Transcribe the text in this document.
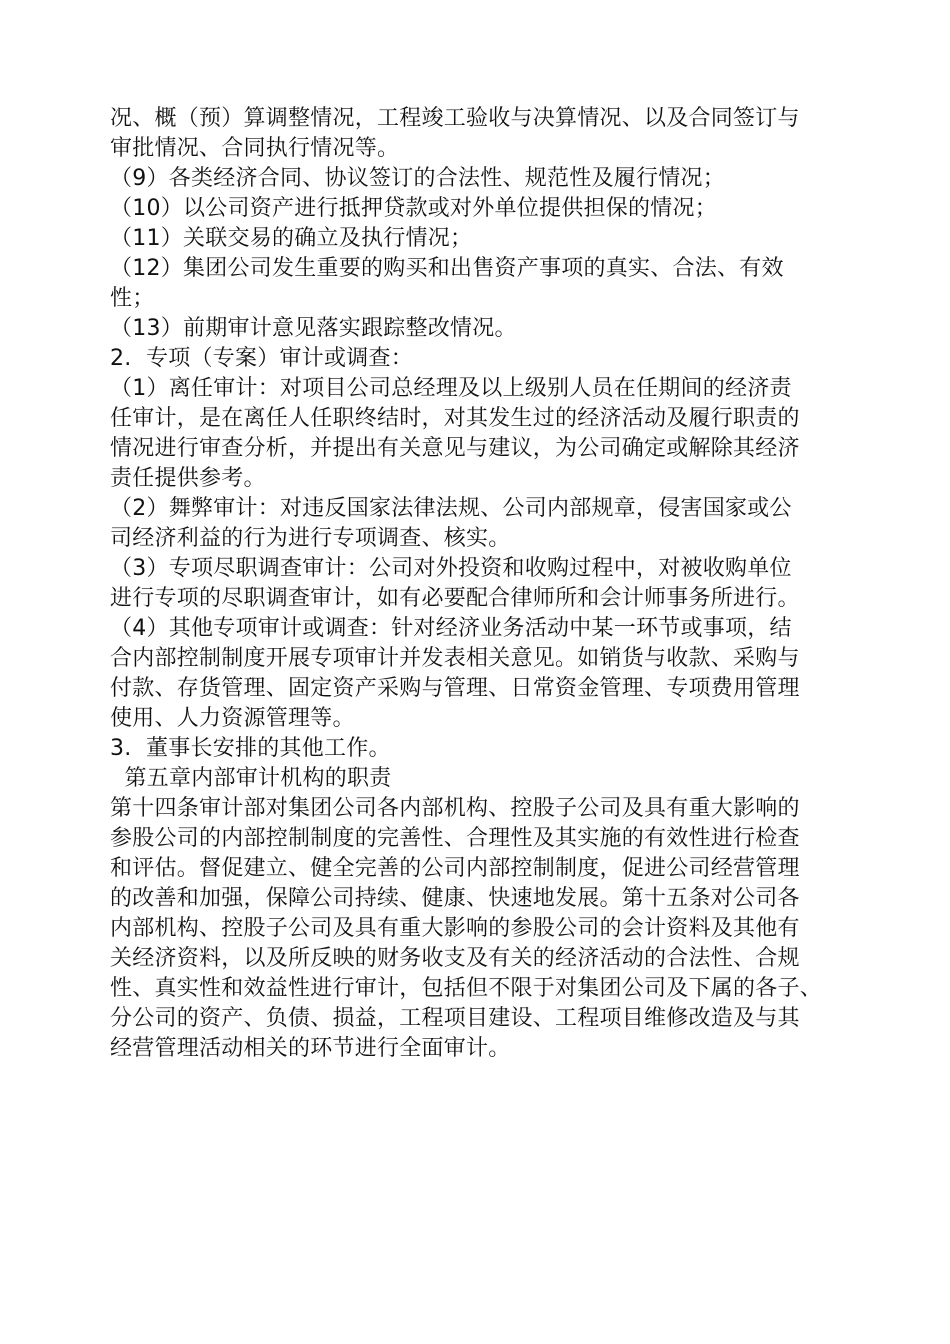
况、概（预）算调整情况，工程竣工验收与决算情况、以及合同签订与

审批情况、合同执行情况等。

（9）各类经济合同、协议签订的合法性、规范性及履行情况；

（10）以公司资产进行抵押贷款或对外单位提供担保的情况；

（11）关联交易的确立及执行情况；

（12）集团公司发生重要的购买和出售资产事项的真实、合法、有效

性；

（13）前期审计意见落实跟踪整改情况。

2.  专项（专案）审计或调查：

（1）离任审计：对项目公司总经理及以上级别人员在任期间的经济责

任审计，是在离任人任职终结时，对其发生过的经济活动及履行职责的

情况进行审查分析，并提出有关意见与建议，为公司确定或解除其经济

责任提供参考。

（2）舞弊审计：对违反国家法律法规、公司内部规章，侵害国家或公

司经济利益的行为进行专项调查、核实。

（3）专项尽职调查审计：公司对外投资和收购过程中，对被收购单位

进行专项的尽职调查审计，如有必要配合律师所和会计师事务所进行。

（4）其他专项审计或调查：针对经济业务活动中某一环节或事项，结

合内部控制制度开展专项审计并发表相关意见。如销货与收款、采购与

付款、存货管理、固定资产采购与管理、日常资金管理、专项费用管理

使用、人力资源管理等。

3.  董事长安排的其他工作。

第五章内部审计机构的职责

第十四条审计部对集团公司各内部机构、控股子公司及具有重大影响的

参股公司的内部控制制度的完善性、合理性及其实施的有效性进行检查

和评估。督促建立、健全完善的公司内部控制制度，促进公司经营管理

的改善和加强，保障公司持续、健康、快速地发展。第十五条对公司各

内部机构、控股子公司及具有重大影响的参股公司的会计资料及其他有

关经济资料，以及所反映的财务收支及有关的经济活动的合法性、合规

性、真实性和效益性进行审计，包括但不限于对集团公司及下属的各子、

分公司的资产、负债、损益，工程项目建设、工程项目维修改造及与其

经营管理活动相关的环节进行全面审计。
